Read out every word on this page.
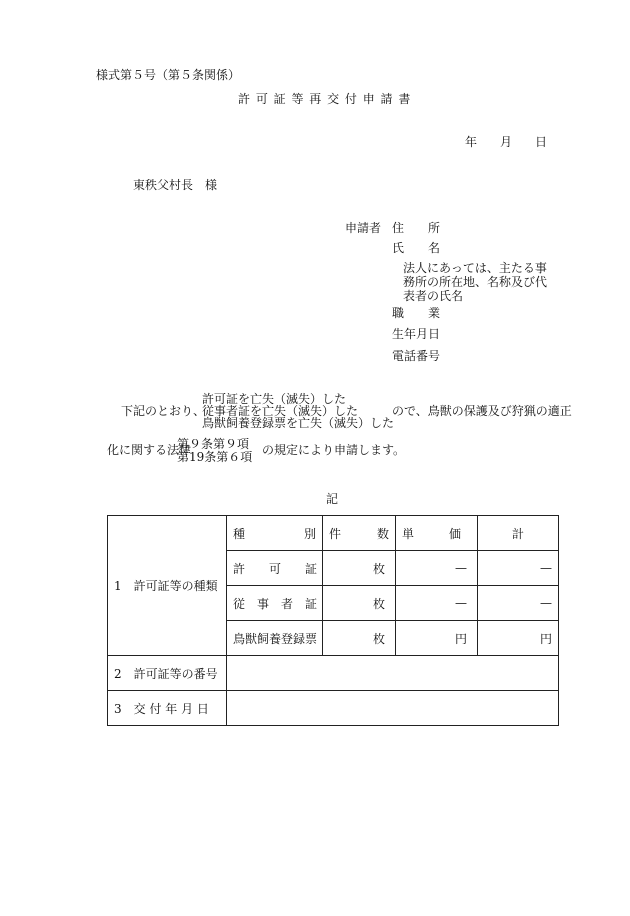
様式第５号（第５条関係）
許 可 証 等 再 交 付 申 請 書
年 月 日
東秩父村長　様
申請者 住　　所
氏　　名
法人にあっては、主たる事
務所の所在地、名称及び代
表者の氏名
職　　業
生年月日
電話番号
下記のとおり、
許可証を亡失（滅失）した
従事者証を亡失（滅失）した
鳥獣飼養登録票を亡失（滅失）した
ので、鳥獣の保護及び狩猟の適正
化に関する法律
第９条第９項
第19条第６項 の規定により申請します。
記
1　許可証等の種類	種 別	件 数	単 価	計
	許　　可　　証	枚	—	—
	従　事　者　証	枚	—	—
	鳥獣飼養登録票	枚	円	円
2　許可証等の番号				
3　交 付 年 月 日				
